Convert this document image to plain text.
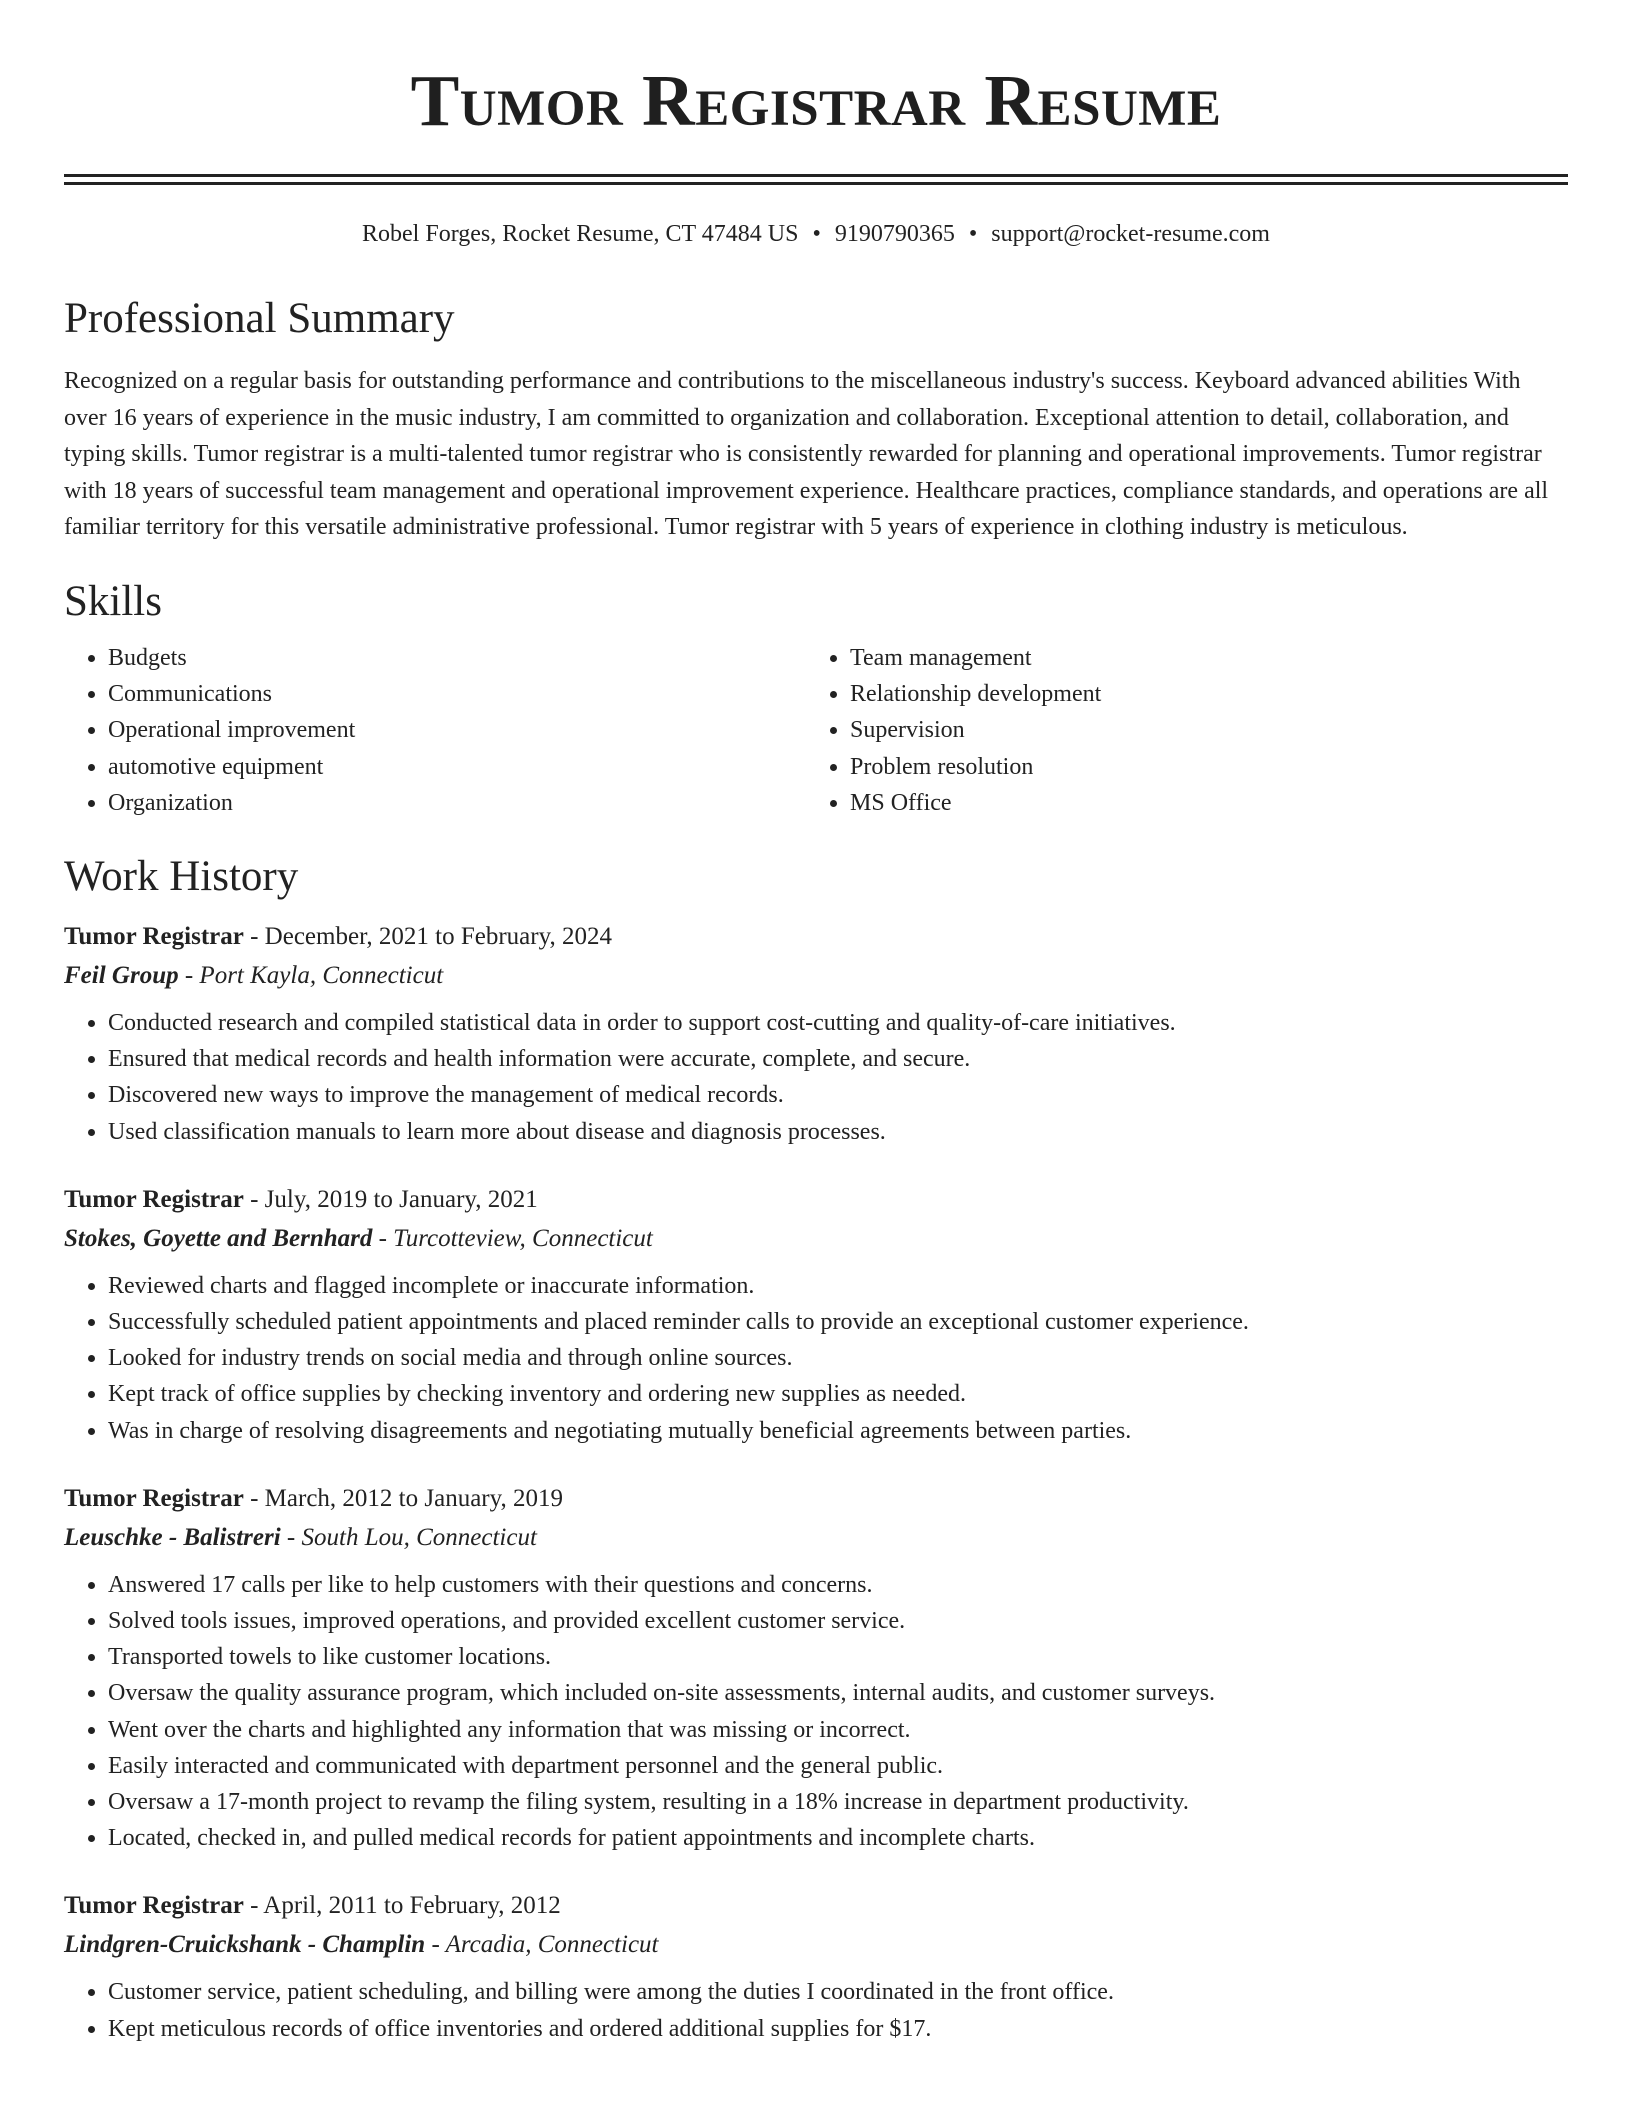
Tumor Registrar Resume
Robel Forges, Rocket Resume, CT 47484 US • 9190790365 • support@rocket-resume.com
Professional Summary

Recognized on a regular basis for outstanding performance and contributions to the miscellaneous industry's success. Keyboard advanced abilities With over 16 years of experience in the music industry, I am committed to organization and collaboration. Exceptional attention to detail, collaboration, and typing skills. Tumor registrar is a multi-talented tumor registrar who is consistently rewarded for planning and operational improvements. Tumor registrar with 18 years of successful team management and operational improvement experience. Healthcare practices, compliance standards, and operations are all familiar territory for this versatile administrative professional. Tumor registrar with 5 years of experience in clothing industry is meticulous.

Skills
• Budgets
• Communications
• Operational improvement
• automotive equipment
• Organization
• Team management
• Relationship development
• Supervision
• Problem resolution
• MS Office
Work History
Tumor Registrar - December, 2021 to February, 2024
Feil Group - Port Kayla, Connecticut
• Conducted research and compiled statistical data in order to support cost-cutting and quality-of-care initiatives.
• Ensured that medical records and health information were accurate, complete, and secure.
• Discovered new ways to improve the management of medical records.
• Used classification manuals to learn more about disease and diagnosis processes.
Tumor Registrar - July, 2019 to January, 2021
Stokes, Goyette and Bernhard - Turcotteview, Connecticut
• Reviewed charts and flagged incomplete or inaccurate information.
• Successfully scheduled patient appointments and placed reminder calls to provide an exceptional customer experience.
• Looked for industry trends on social media and through online sources.
• Kept track of office supplies by checking inventory and ordering new supplies as needed.
• Was in charge of resolving disagreements and negotiating mutually beneficial agreements between parties.
Tumor Registrar - March, 2012 to January, 2019
Leuschke - Balistreri - South Lou, Connecticut
• Answered 17 calls per like to help customers with their questions and concerns.
• Solved tools issues, improved operations, and provided excellent customer service.
• Transported towels to like customer locations.
• Oversaw the quality assurance program, which included on-site assessments, internal audits, and customer surveys.
• Went over the charts and highlighted any information that was missing or incorrect.
• Easily interacted and communicated with department personnel and the general public.
• Oversaw a 17-month project to revamp the filing system, resulting in a 18% increase in department productivity.
• Located, checked in, and pulled medical records for patient appointments and incomplete charts.
Tumor Registrar - April, 2011 to February, 2012
Lindgren-Cruickshank - Champlin - Arcadia, Connecticut
• Customer service, patient scheduling, and billing were among the duties I coordinated in the front office.
• Kept meticulous records of office inventories and ordered additional supplies for $17.
